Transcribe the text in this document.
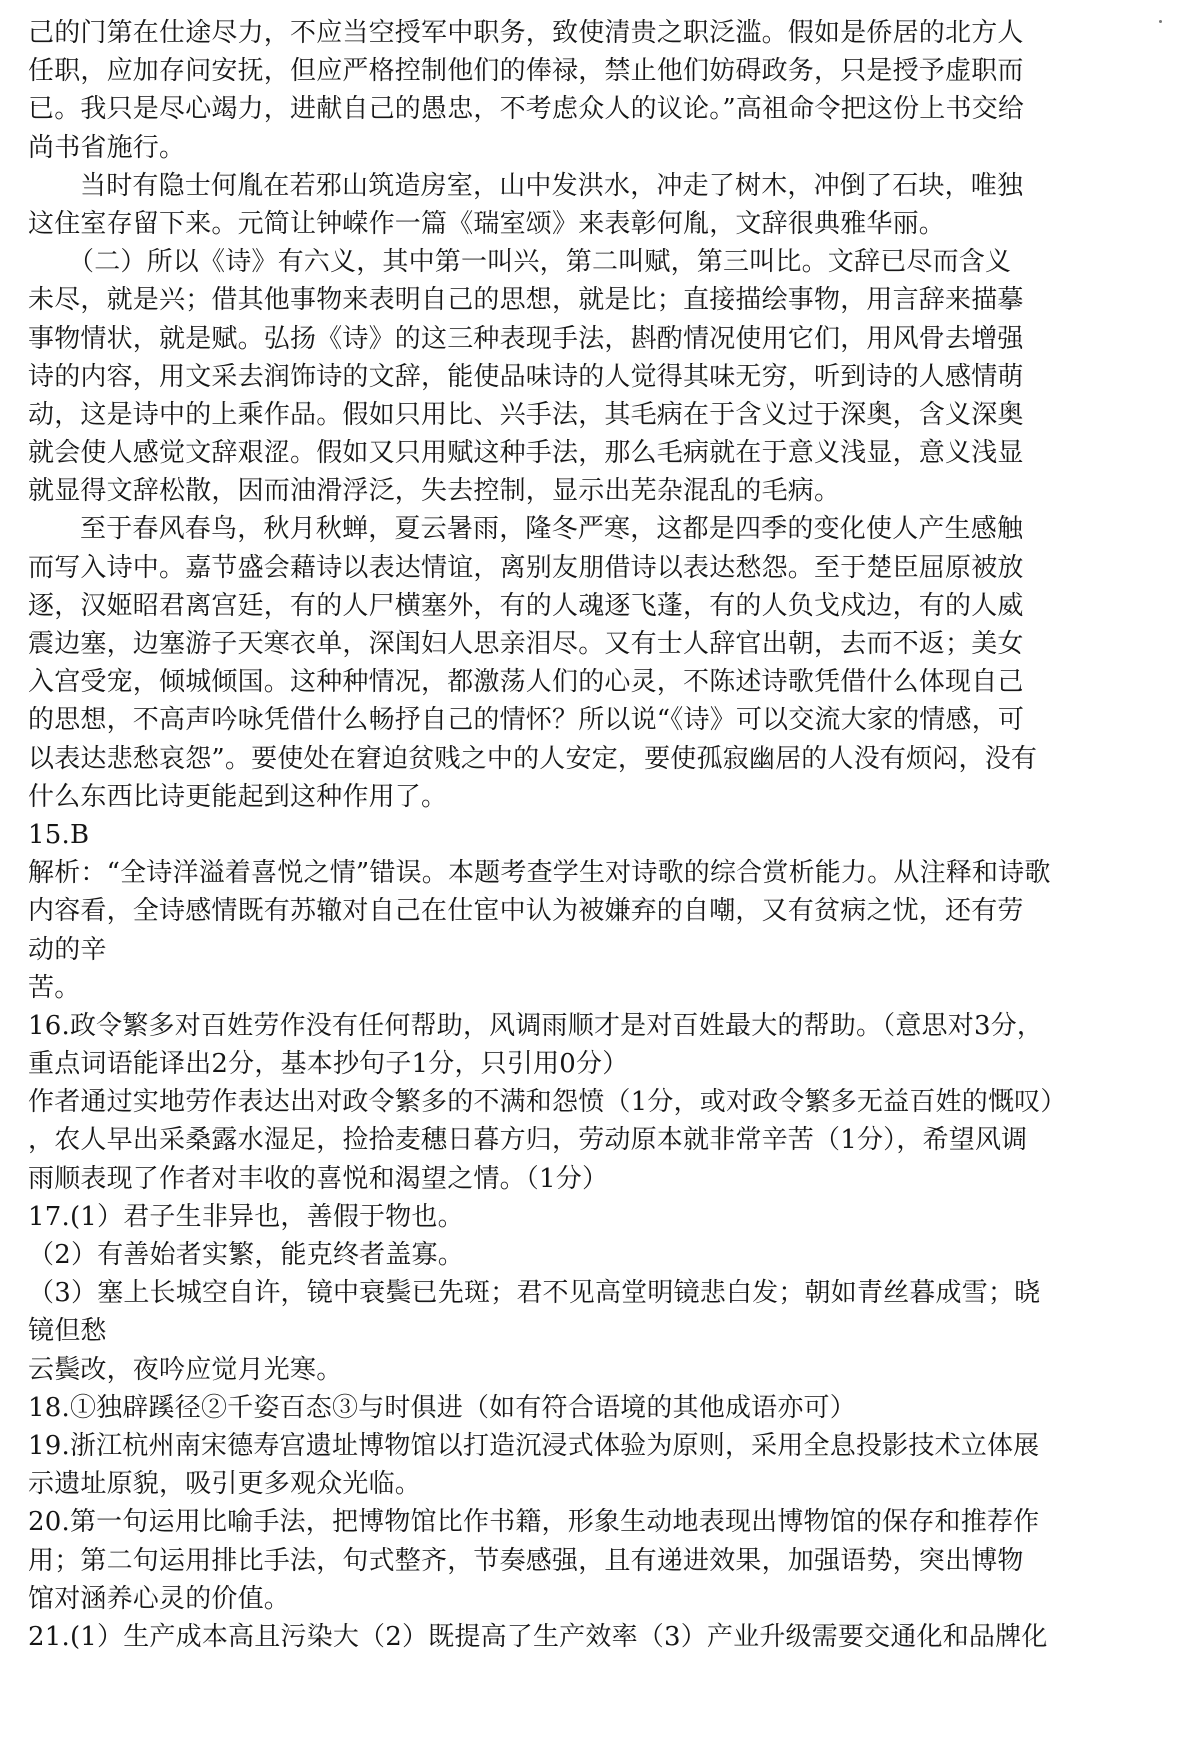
己的门第在仕途尽力，不应当空授军中职务，致使清贵之职泛滥。假如是侨居的北方人
任职，应加存问安抚，但应严格控制他们的俸禄，禁止他们妨碍政务，只是授予虚职而
已。我只是尽心竭力，进献自己的愚忠，不考虑众人的议论。”高祖命令把这份上书交给
尚书省施行。
当时有隐士何胤在若邪山筑造房室，山中发洪水，冲走了树木，冲倒了石块，唯独
这住室存留下来。元简让钟嵘作一篇《瑞室颂》来表彰何胤，文辞很典雅华丽。
（二）所以《诗》有六义，其中第一叫兴，第二叫赋，第三叫比。文辞已尽而含义
未尽，就是兴；借其他事物来表明自己的思想，就是比；直接描绘事物，用言辞来描摹
事物情状，就是赋。弘扬《诗》的这三种表现手法，斟酌情况使用它们，用风骨去增强
诗的内容，用文采去润饰诗的文辞，能使品味诗的人觉得其味无穷，听到诗的人感情萌
动，这是诗中的上乘作品。假如只用比、兴手法，其毛病在于含义过于深奥，含义深奥
就会使人感觉文辞艰涩。假如又只用赋这种手法，那么毛病就在于意义浅显，意义浅显
就显得文辞松散，因而油滑浮泛，失去控制，显示出芜杂混乱的毛病。
至于春风春鸟，秋月秋蝉，夏云暑雨，隆冬严寒，这都是四季的变化使人产生感触
而写入诗中。嘉节盛会藉诗以表达情谊，离别友朋借诗以表达愁怨。至于楚臣屈原被放
逐，汉姬昭君离宫廷，有的人尸横塞外，有的人魂逐飞蓬，有的人负戈戍边，有的人威
震边塞，边塞游子天寒衣单，深闺妇人思亲泪尽。又有士人辞官出朝，去而不返；美女
入宫受宠，倾城倾国。这种种情况，都激荡人们的心灵，不陈述诗歌凭借什么体现自己
的思想，不高声吟咏凭借什么畅抒自己的情怀？所以说“《诗》可以交流大家的情感，可
以表达悲愁哀怨”。要使处在窘迫贫贱之中的人安定，要使孤寂幽居的人没有烦闷，没有
什么东西比诗更能起到这种作用了。
15.B
解析：“全诗洋溢着喜悦之情”错误。本题考查学生对诗歌的综合赏析能力。从注释和诗歌
内容看，全诗感情既有苏辙对自己在仕宦中认为被嫌弃的自嘲，又有贫病之忧，还有劳
动的辛
苦。
16.政令繁多对百姓劳作没有任何帮助，风调雨顺才是对百姓最大的帮助。（意思对3分，
重点词语能译出2分，基本抄句子1分，只引用0分）
作者通过实地劳作表达出对政令繁多的不满和怨愤（1分，或对政令繁多无益百姓的慨叹）
，农人早出采桑露水湿足，捡拾麦穗日暮方归，劳动原本就非常辛苦（1分），希望风调
雨顺表现了作者对丰收的喜悦和渴望之情。（1分）
17.(1）君子生非异也，善假于物也。
（2）有善始者实繁，能克终者盖寡。
（3）塞上长城空自许，镜中衰鬓已先斑；君不见高堂明镜悲白发；朝如青丝暮成雪；晓
镜但愁
云鬓改，夜吟应觉月光寒。
18.①独辟蹊径②千姿百态③与时俱进（如有符合语境的其他成语亦可）
19.浙江杭州南宋德寿宫遗址博物馆以打造沉浸式体验为原则，采用全息投影技术立体展
示遗址原貌，吸引更多观众光临。
20.第一句运用比喻手法，把博物馆比作书籍，形象生动地表现出博物馆的保存和推荐作
用；第二句运用排比手法，句式整齐，节奏感强，且有递进效果，加强语势，突出博物
馆对涵养心灵的价值。
21.(1）生产成本高且污染大（2）既提高了生产效率（3）产业升级需要交通化和品牌化
